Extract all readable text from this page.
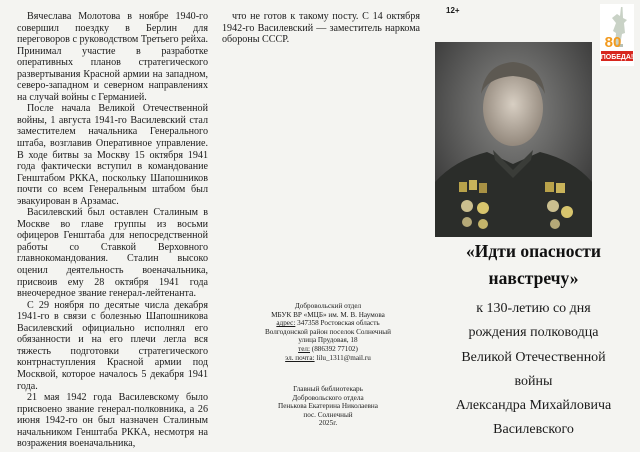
Вячеслава Молотова в ноябре 1940-го совершил поездку в Берлин для переговоров с руководством Третьего рейха. Принимал участие в разработке оперативных планов стратегического развертывания Красной армии на западном, северо-западном и северном направлениях на случай войны с Германией.

После начала Великой Отечественной войны, 1 августа 1941-го Василевский стал заместителем начальника Генерального штаба, возглавив Оперативное управление. В ходе битвы за Москву 15 октября 1941 года фактически вступил в командование Генштабом РККА, поскольку Шапошников почти со всем Генеральным штабом был эвакуирован в Арзамас.

Василевский был оставлен Сталиным в Москве во главе группы из восьми офицеров Генштаба для непосредственной работы со Ставкой Верховного главнокомандования. Сталин высоко оценил деятельность военачальника, присвоив ему 28 октября 1941 года внеочередное звание генерал-лейтенанта.

С 29 ноября по десятые числа декабря 1941-го в связи с болезнью Шапошникова Василевский официально исполнял его обязанности и на его плечи легла вся тяжесть подготовки стратегического контрнаступления Красной армии под Москвой, которое началось 5 декабря 1941 года.

21 мая 1942 года Василевскому было присвоено звание генерал-полковника, а 26 июня 1942-го он был назначен Сталиным начальником Генштаба РККА, несмотря на возражения военачальника,

что не готов к такому посту. С 14 октября 1942-го Василевский — заместитель наркома обороны СССР.

Добровольский отдел
МБУК ВР «МЦБ» им. М. В. Наумова
адрес: 347358 Ростовская область
Волгодонской район поселок Солнечный
улица Прудовая, 18
тел: (886392 77102)
эл. почта: lilu_1311@mail.ru
Главный библиотекарь
Добровольского отдела
Пенькова Екатерина Николаевна
пос. Солнечный
2025г.
12+
80
ПОБЕДА!
«Идти опасности
навстречу»
к 130-летию со дня
рождения полководца
Великой Отечественной
войны
Александра Михайловича
Василевского
